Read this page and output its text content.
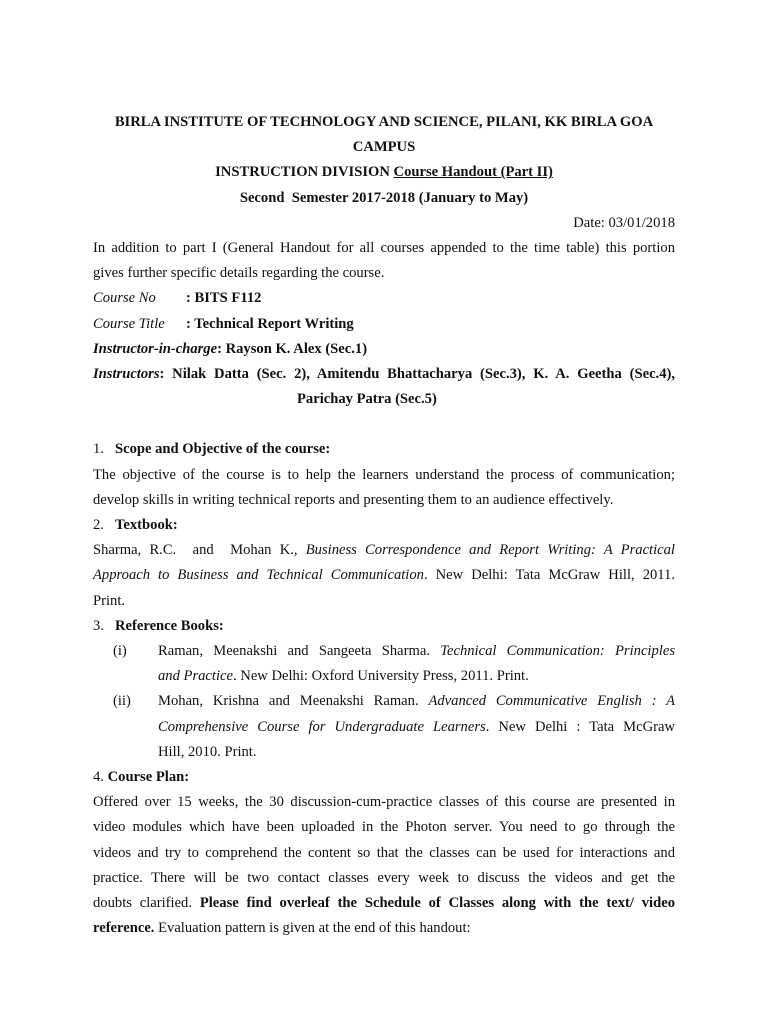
BIRLA INSTITUTE OF TECHNOLOGY AND SCIENCE, PILANI, KK BIRLA GOA
CAMPUS
INSTRUCTION DIVISION Course Handout (Part II)
Second  Semester 2017-2018 (January to May)
Date: 03/01/2018
In addition to part I (General Handout for all courses appended to the time table) this portion
gives further specific details regarding the course.
Course No : BITS F112
Course Title : Technical Report Writing
Instructor-in-charge: Rayson K. Alex (Sec.1)
Instructors: Nilak Datta (Sec. 2), Amitendu Bhattacharya (Sec.3), K. A. Geetha (Sec.4),
Parichay Patra (Sec.5)
1. Scope and Objective of the course:
The objective of the course is to help the learners understand the process of communication;
develop skills in writing technical reports and presenting them to an audience effectively.
2. Textbook:
Sharma, R.C.  and  Mohan K., Business Correspondence and Report Writing: A Practical
Approach to Business and Technical Communication. New Delhi: Tata McGraw Hill, 2011.
Print.
3. Reference Books:
(i)	Raman, Meenakshi and Sangeeta Sharma. Technical Communication: Principles
and Practice. New Delhi: Oxford University Press, 2011. Print.
(ii)	Mohan, Krishna and Meenakshi Raman. Advanced Communicative English : A
Comprehensive Course for Undergraduate Learners. New Delhi : Tata McGraw
Hill, 2010. Print.
4. Course Plan:
Offered over 15 weeks, the 30 discussion-cum-practice classes of this course are presented in
video modules which have been uploaded in the Photon server. You need to go through the
videos and try to comprehend the content so that the classes can be used for interactions and
practice. There will be two contact classes every week to discuss the videos and get the
doubts clarified. Please find overleaf the Schedule of Classes along with the text/ video
reference. Evaluation pattern is given at the end of this handout:
